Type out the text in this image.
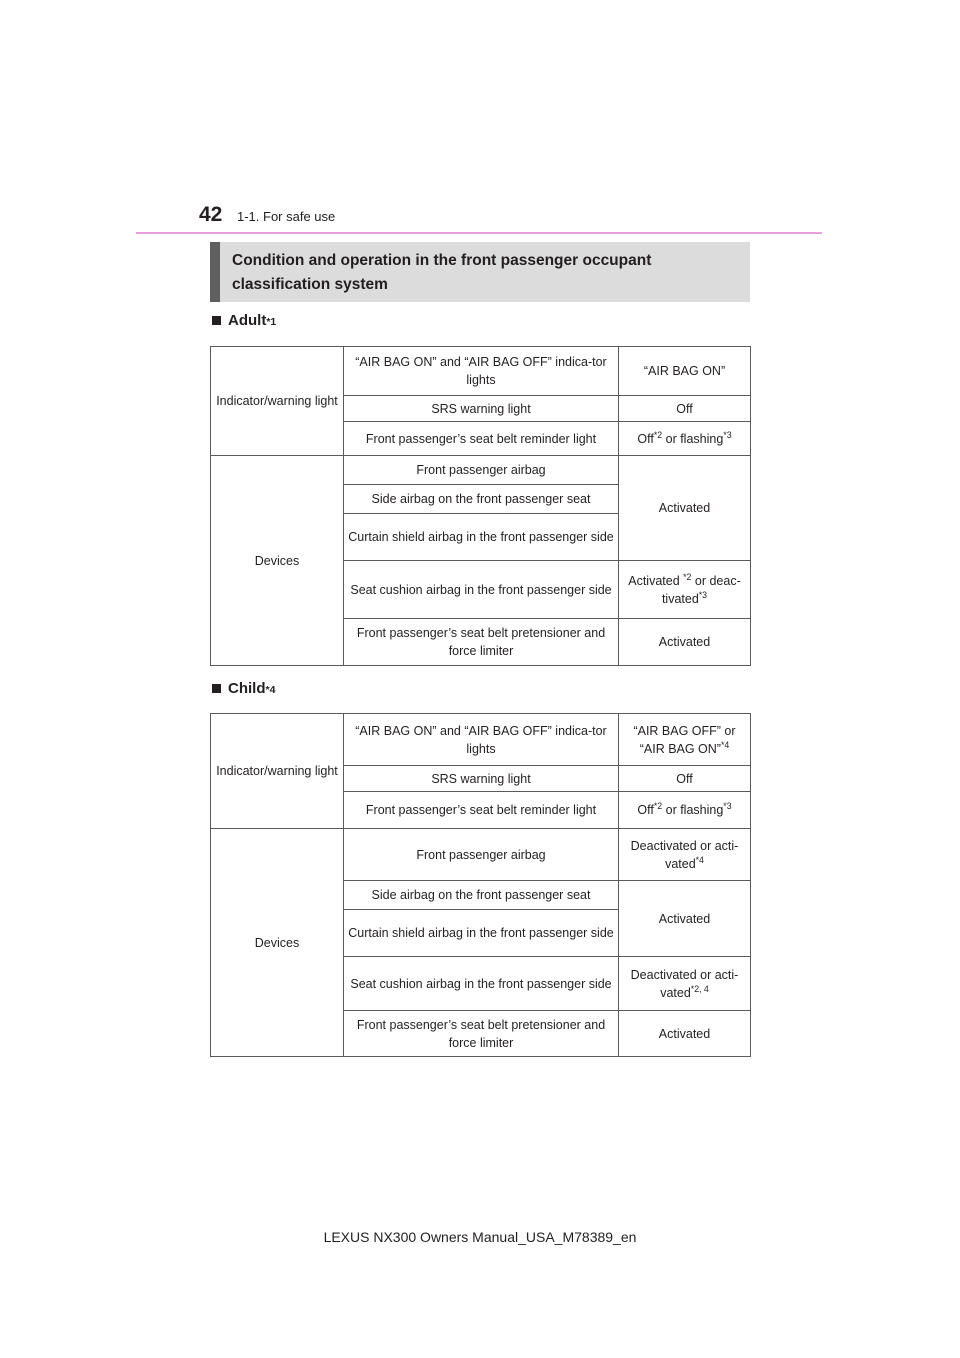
42	1-1. For safe use
Condition and operation in the front passenger occupant classification system
Adult *1
Indicator/warning light	“AIR BAG ON” and “AIR BAG OFF” indica-tor lights	“AIR BAG ON”
	SRS warning light	Off
	Front passenger’s seat belt reminder light	Off$^{*2}$ or flashing$^{*3}$
Devices	Front passenger airbag	Activated
	Side airbag on the front passenger seat	
	Curtain shield airbag in the front passenger side	
	Seat cushion airbag in the front passenger side	Activated $^{*2}$ or deac-tivated$^{*3}$
	Front passenger’s seat belt pretensioner and force limiter	Activated
Child *4
Indicator/warning light	“AIR BAG ON” and “AIR BAG OFF” indica-tor lights	“AIR BAG OFF” or “AIR BAG ON”$^{*4}$
	SRS warning light	Off
	Front passenger’s seat belt reminder light	Off$^{*2}$ or flashing$^{*3}$
Devices	Front passenger airbag	Deactivated or acti-vated$^{*4}$
	Side airbag on the front passenger seat	Activated
	Curtain shield airbag in the front passenger side	
	Seat cushion airbag in the front passenger side	Deactivated or acti-vated$^{*2, 4}$
	Front passenger’s seat belt pretensioner and force limiter	Activated
LEXUS NX300 Owners Manual_USA_M78389_en
